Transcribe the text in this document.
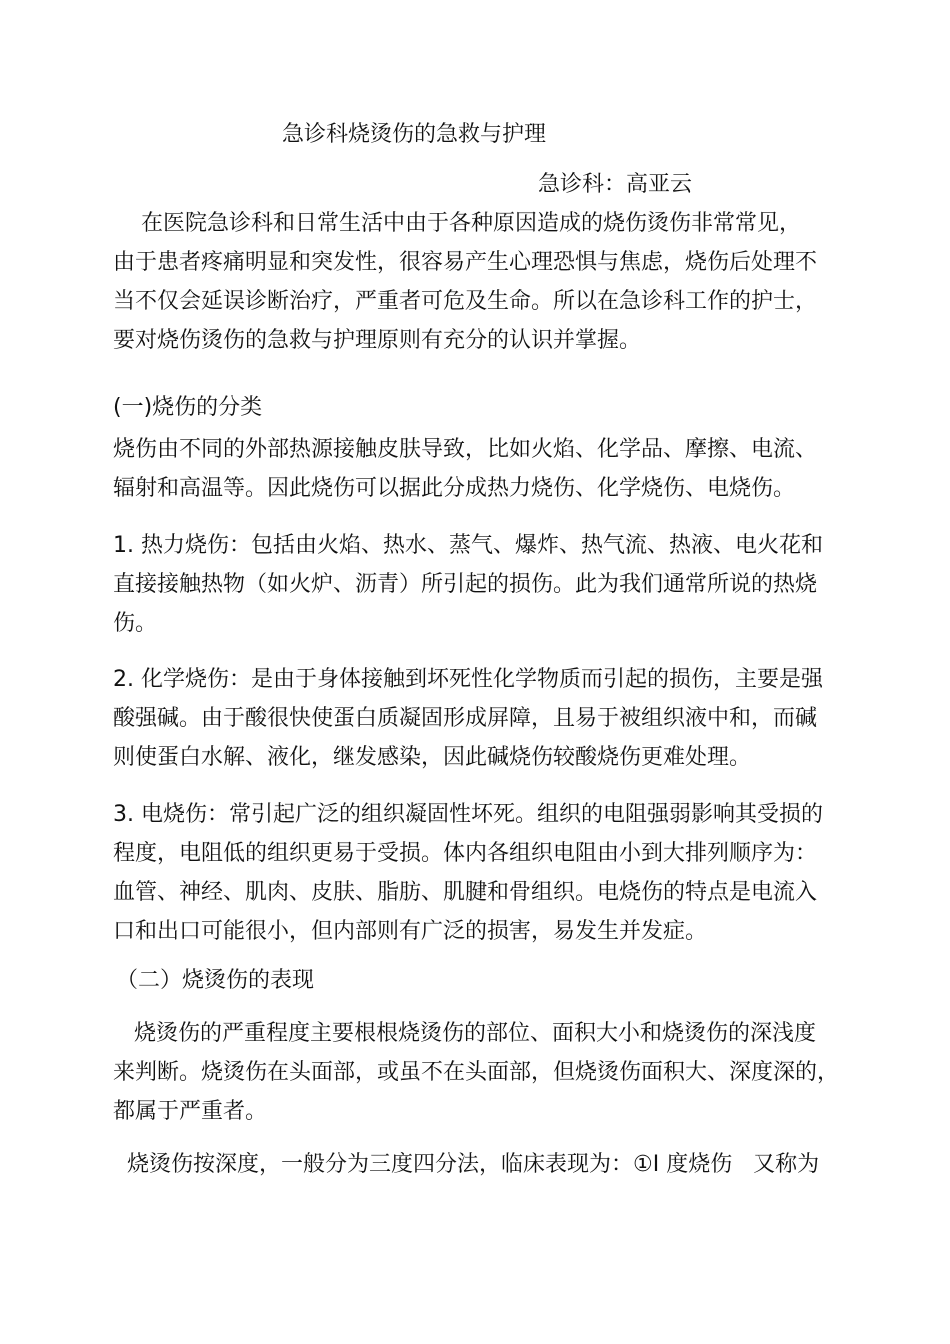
急诊科烧烫伤的急救与护理
急诊科：高亚云
在医院急诊科和日常生活中由于各种原因造成的烧伤烫伤非常常见，
由于患者疼痛明显和突发性，很容易产生心理恐惧与焦虑，烧伤后处理不
当不仅会延误诊断治疗，严重者可危及生命。所以在急诊科工作的护士，
要对烧伤烫伤的急救与护理原则有充分的认识并掌握。
(一)烧伤的分类
烧伤由不同的外部热源接触皮肤导致，比如火焰、化学品、摩擦、电流、
辐射和高温等。因此烧伤可以据此分成热力烧伤、化学烧伤、电烧伤。
1. 热力烧伤：包括由火焰、热水、蒸气、爆炸、热气流、热液、电火花和
直接接触热物（如火炉、沥青）所引起的损伤。此为我们通常所说的热烧
伤。
2. 化学烧伤：是由于身体接触到坏死性化学物质而引起的损伤，主要是强
酸强碱。由于酸很快使蛋白质凝固形成屏障，且易于被组织液中和，而碱
则使蛋白水解、液化，继发感染，因此碱烧伤较酸烧伤更难处理。
3. 电烧伤：常引起广泛的组织凝固性坏死。组织的电阻强弱影响其受损的
程度，电阻低的组织更易于受损。体内各组织电阻由小到大排列顺序为：
血管、神经、肌肉、皮肤、脂肪、肌腱和骨组织。电烧伤的特点是电流入
口和出口可能很小，但内部则有广泛的损害，易发生并发症。
（二）烧烫伤的表现
烧烫伤的严重程度主要根根烧烫伤的部位、面积大小和烧烫伤的深浅度
来判断。烧烫伤在头面部，或虽不在头面部，但烧烫伤面积大、深度深的，
都属于严重者。
烧烫伤按深度，一般分为三度四分法，临床表现为：①I 度烧伤   又称为
